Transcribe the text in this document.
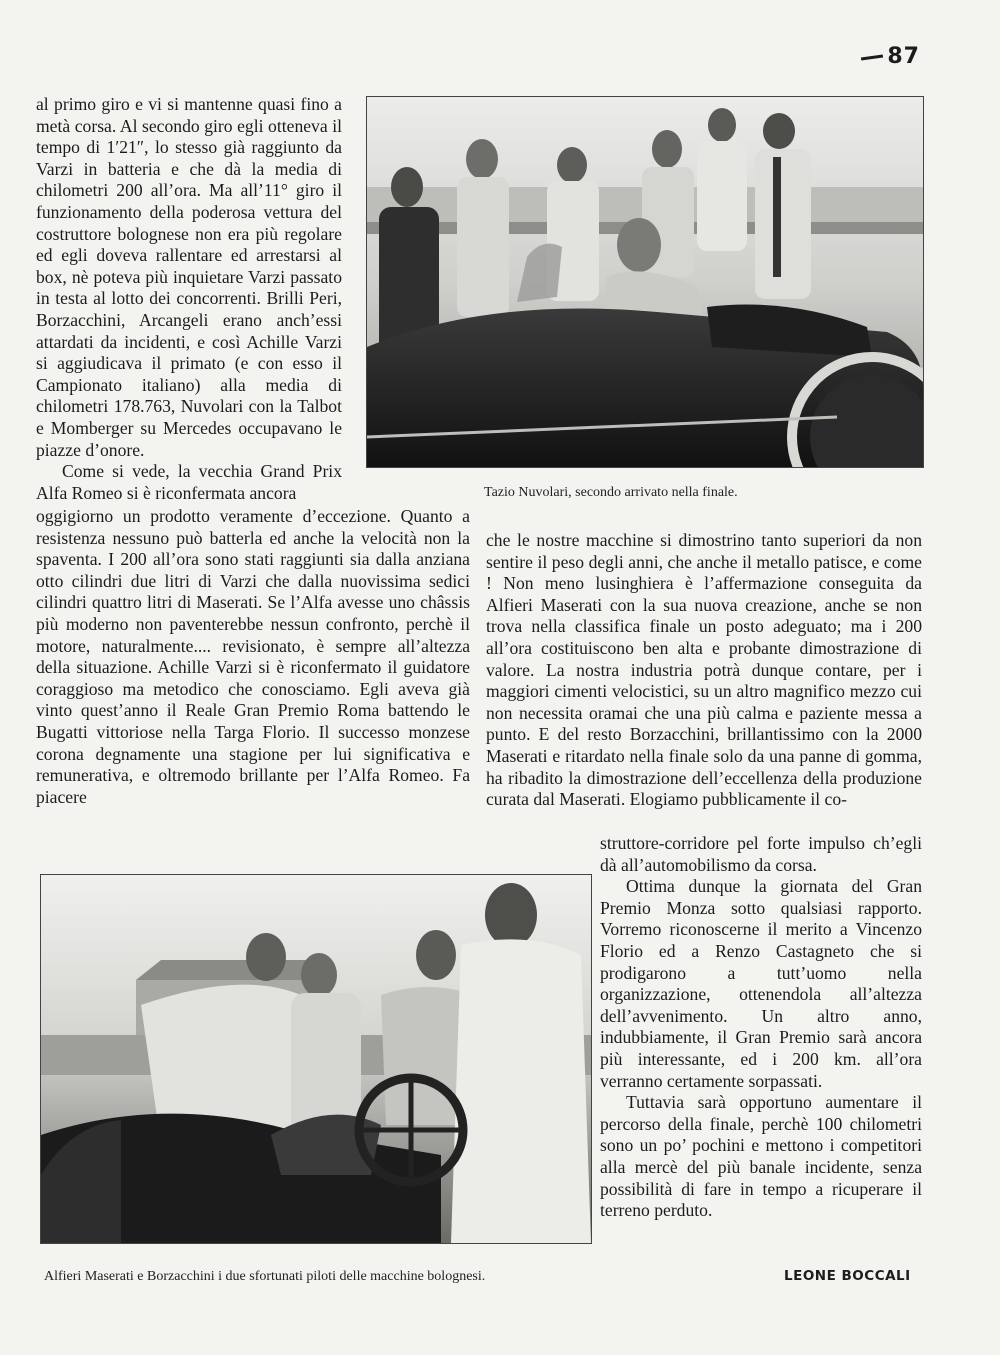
87

al primo giro e vi si mantenne quasi fino a metà corsa. Al secondo giro egli otteneva il tempo di 1′21″, lo stesso già raggiunto da Varzi in batteria e che dà la media di chilometri 200 all’ora. Ma all’11° giro il funzionamento della poderosa vettura del costruttore bolognese non era più regolare ed egli doveva rallentare ed arrestarsi al box, nè poteva più inquietare Varzi passato in testa al lotto dei concorrenti. Brilli Peri, Borzacchini, Arcangeli erano anch’essi attardati da incidenti, e così Achille Varzi si aggiudicava il primato (e con esso il Campionato italiano) alla media di chilometri 178.763, Nuvolari con la Talbot e Momberger su Mercedes occupavano le piazze d’onore.

Come si vede, la vecchia Grand Prix Alfa Romeo si è riconfermata ancora	Tazio Nuvolari, secondo arrivato nella finale.

oggigiorno un prodotto veramente d’eccezione. Quanto a resistenza nessuno può batterla ed anche la velocità non la spaventa. I 200 all’ora sono stati raggiunti sia dalla anziana otto cilindri due litri di Varzi che dalla nuovissima sedici cilindri quattro litri di Maserati. Se l’Alfa avesse uno châssis più moderno non paventerebbe nessun confronto, perchè il motore, naturalmente.... revisionato, è sempre all’altezza della situazione. Achille Varzi si è riconfermato il guidatore coraggioso ma metodico che conosciamo. Egli aveva già vinto quest’anno il Reale Gran Premio Roma battendo le Bugatti vittoriose nella Targa Florio. Il successo monzese corona degnamente una stagione per lui significativa e remunerativa, e oltremodo brillante per l’Alfa Romeo. Fa piacere

che le nostre macchine si dimostrino tanto superiori da non sentire il peso degli anni, che anche il metallo patisce, e come ! Non meno lusinghiera è l’affermazione conseguita da Alfieri Maserati con la sua nuova creazione, anche se non trova nella classifica finale un posto adeguato; ma i 200 all’ora costituiscono ben alta e probante dimostrazione di valore. La nostra industria potrà dunque contare, per i maggiori cimenti velocistici, su un altro magnifico mezzo cui non necessita oramai che una più calma e paziente messa a punto. E del resto Borzacchini, brillantissimo con la 2000 Maserati e ritardato nella finale solo da una panne di gomma, ha ribadito la dimostrazione dell’eccellenza della produzione curata dal Maserati. Elogiamo pubblicamente il co-

struttore-corridore pel forte impulso ch’egli dà all’automobilismo da corsa.

Ottima dunque la giornata del Gran Premio Monza sotto qualsiasi rapporto. Vorremo riconoscerne il merito a Vincenzo Florio ed a Renzo Castagneto che si prodigarono a tutt’uomo nella organizzazione, ottenendola all’altezza dell’avvenimento. Un altro anno, indubbiamente, il Gran Premio sarà ancora più interessante, ed i 200 km. all’ora verranno certamente sorpassati.

Tuttavia sarà opportuno aumentare il percorso della finale, perchè 100 chilometri sono un po’ pochini e mettono i competitori alla mercè del più banale incidente, senza possibilità di fare in tempo a ricuperare il terreno perduto.

Alfieri Maserati e Borzacchini i due sfortunati piloti delle macchine bolognesi.	LEONE BOCCALI
